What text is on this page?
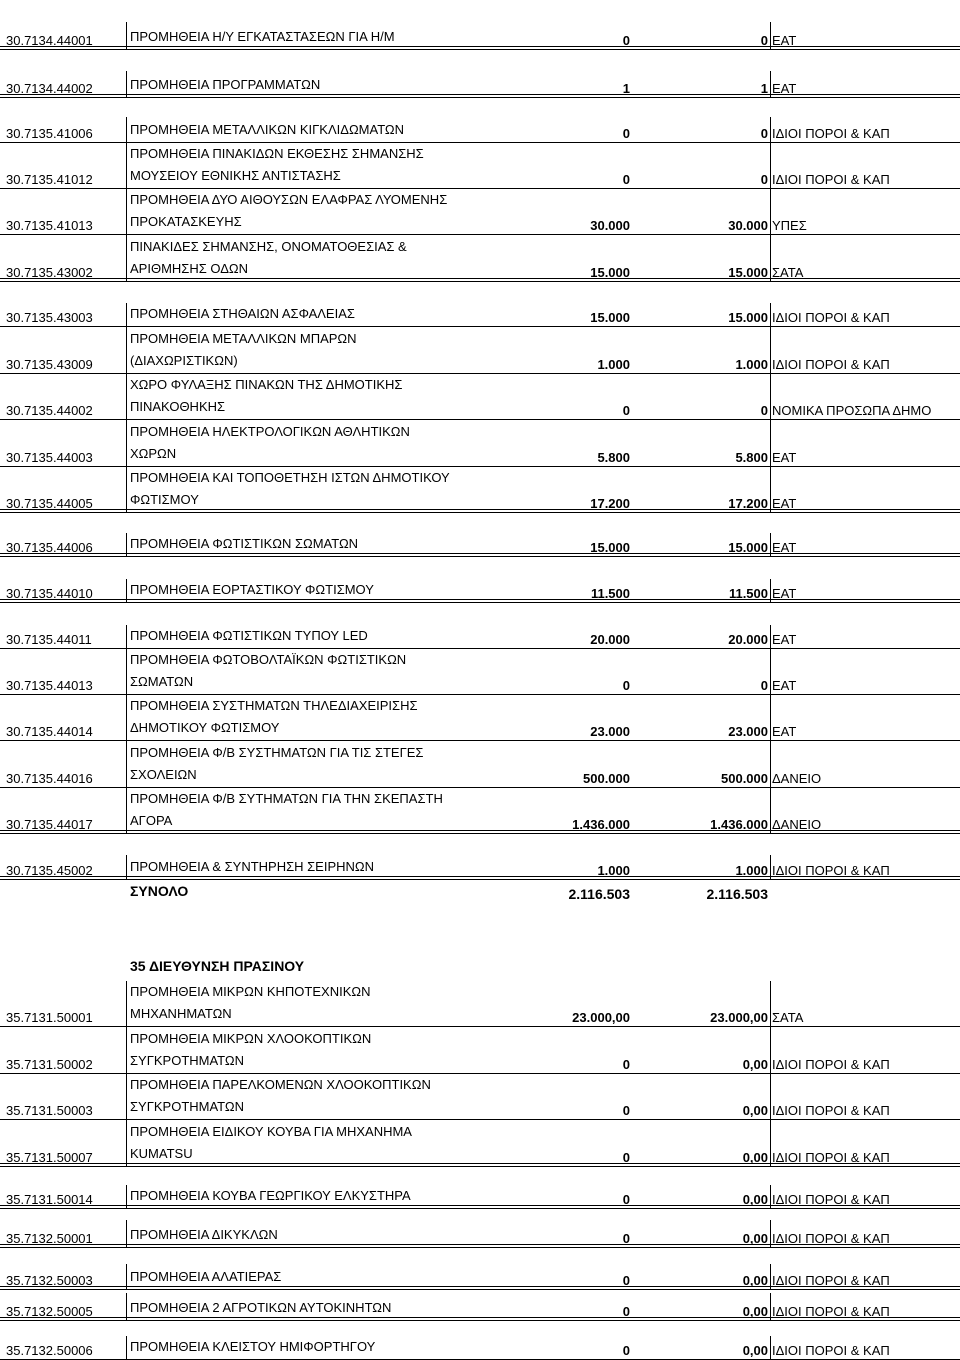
30.7134.44001	ΠΡΟΜΗΘΕΙΑ Η/Υ ΕΓΚΑΤΑΣΤΑΣΕΩΝ ΓΙΑ Η/Μ	0	0 ΕΑΤ
30.7134.44002	ΠΡΟΜΗΘΕΙΑ ΠΡΟΓΡΑΜΜΑΤΩΝ	1	1 ΕΑΤ
30.7135.41006	ΠΡΟΜΗΘΕΙΑ ΜΕΤΑΛΛΙΚΩΝ ΚΙΓΚΛΙΔΩΜΑΤΩΝ	0	0 ΙΔΙΟΙ ΠΟΡΟΙ & ΚΑΠ
30.7135.41012
ΠΡΟΜΗΘΕΙΑ ΠΙΝΑΚΙΔΩΝ ΕΚΘΕΣΗΣ ΣΗΜΑΝΣΗΣ
ΜΟΥΣΕΙΟΥ ΕΘΝΙΚΗΣ ΑΝΤΙΣΤΑΣΗΣ	0	0 ΙΔΙΟΙ ΠΟΡΟΙ & ΚΑΠ
30.7135.41013
ΠΡΟΜΗΘΕΙΑ ΔΥΟ ΑΙΘΟΥΣΩΝ ΕΛΑΦΡΑΣ ΛΥΟΜΕΝΗΣ
ΠΡΟΚΑΤΑΣΚΕΥΗΣ	30.000	30.000 ΥΠΕΣ
30.7135.43002
ΠΙΝΑΚΙΔΕΣ ΣΗΜΑΝΣΗΣ, ΟΝΟΜΑΤΟΘΕΣΙΑΣ &
ΑΡΙΘΜΗΣΗΣ ΟΔΩΝ	15.000	15.000 ΣΑΤΑ
30.7135.43003	ΠΡΟΜΗΘΕΙΑ ΣΤΗΘΑΙΩΝ ΑΣΦΑΛΕΙΑΣ	15.000	15.000 ΙΔΙΟΙ ΠΟΡΟΙ & ΚΑΠ
30.7135.43009
ΠΡΟΜΗΘΕΙΑ ΜΕΤΑΛΛΙΚΩΝ ΜΠΑΡΩΝ
(ΔΙΑΧΩΡΙΣΤΙΚΩΝ)	1.000	1.000 ΙΔΙΟΙ ΠΟΡΟΙ & ΚΑΠ
30.7135.44002
ΧΩΡΟ ΦΥΛΑΞΗΣ ΠΙΝΑΚΩΝ ΤΗΣ ΔΗΜΟΤΙΚΗΣ
ΠΙΝΑΚΟΘΗΚΗΣ	0	0 ΝΟΜΙΚΑ ΠΡΟΣΩΠΑ ΔΗΜΟ
30.7135.44003
ΠΡΟΜΗΘΕΙΑ ΗΛΕΚΤΡΟΛΟΓΙΚΩΝ ΑΘΛΗΤΙΚΩΝ
ΧΩΡΩΝ	5.800	5.800 ΕΑΤ
30.7135.44005
ΠΡΟΜΗΘΕΙΑ ΚΑΙ ΤΟΠΟΘΕΤΗΣΗ ΙΣΤΩΝ ΔΗΜΟΤΙΚΟΥ
ΦΩΤΙΣΜΟΥ	17.200	17.200 ΕΑΤ
30.7135.44006	ΠΡΟΜΗΘΕΙΑ ΦΩΤΙΣΤΙΚΩΝ ΣΩΜΑΤΩΝ	15.000	15.000 ΕΑΤ
30.7135.44010	ΠΡΟΜΗΘΕΙΑ ΕΟΡΤΑΣΤΙΚΟΥ ΦΩΤΙΣΜΟΥ	11.500	11.500 ΕΑΤ
30.7135.44011	ΠΡΟΜΗΘΕΙΑ ΦΩΤΙΣΤΙΚΩΝ ΤΥΠΟΥ LED	20.000	20.000 ΕΑΤ
30.7135.44013
ΠΡΟΜΗΘΕΙΑ ΦΩΤΟΒΟΛΤΑΪΚΩΝ ΦΩΤΙΣΤΙΚΩΝ
ΣΩΜΑΤΩΝ	0	0 ΕΑΤ
30.7135.44014
ΠΡΟΜΗΘΕΙΑ ΣΥΣΤΗΜΑΤΩΝ ΤΗΛΕΔΙΑΧΕΙΡΙΣΗΣ
ΔΗΜΟΤΙΚΟΥ ΦΩΤΙΣΜΟΥ	23.000	23.000 ΕΑΤ
30.7135.44016
ΠΡΟΜΗΘΕΙΑ Φ/Β ΣΥΣΤΗΜΑΤΩΝ ΓΙΑ ΤΙΣ ΣΤΕΓΕΣ
ΣΧΟΛΕΙΩΝ	500.000	500.000 ΔΑΝΕΙΟ
30.7135.44017
ΠΡΟΜΗΘΕΙΑ Φ/Β ΣΥΤΗΜΑΤΩΝ ΓΙΑ ΤΗΝ ΣΚΕΠΑΣΤΗ
ΑΓΟΡΑ	1.436.000	1.436.000 ΔΑΝΕΙΟ
30.7135.45002	ΠΡΟΜΗΘΕΙΑ & ΣΥΝΤΗΡΗΣΗ ΣΕΙΡΗΝΩΝ	1.000	1.000 ΙΔΙΟΙ ΠΟΡΟΙ & ΚΑΠ
ΣΥΝΟΛΟ	2.116.503	2.116.503
35 ΔΙΕΥΘΥΝΣΗ ΠΡΑΣΙΝΟΥ
35.7131.50001
ΠΡΟΜΗΘΕΙΑ ΜΙΚΡΩΝ ΚΗΠΟΤΕΧΝΙΚΩΝ
ΜΗΧΑΝΗΜΑΤΩΝ	23.000,00	23.000,00 ΣΑΤΑ
35.7131.50002
ΠΡΟΜΗΘΕΙΑ ΜΙΚΡΩΝ ΧΛΟΟΚΟΠΤΙΚΩΝ
ΣΥΓΚΡΟΤΗΜΑΤΩΝ	0	0,00 ΙΔΙΟΙ ΠΟΡΟΙ & ΚΑΠ
35.7131.50003
ΠΡΟΜΗΘΕΙΑ ΠΑΡΕΛΚΟΜΕΝΩΝ ΧΛΟΟΚΟΠΤΙΚΩΝ
ΣΥΓΚΡΟΤΗΜΑΤΩΝ	0	0,00 ΙΔΙΟΙ ΠΟΡΟΙ & ΚΑΠ
35.7131.50007
ΠΡΟΜΗΘΕΙΑ ΕΙΔΙΚΟΥ ΚΟΥΒΑ ΓΙΑ ΜΗΧΑΝΗΜΑ
KUMATSU	0	0,00 ΙΔΙΟΙ ΠΟΡΟΙ & ΚΑΠ
35.7131.50014	ΠΡΟΜΗΘΕΙΑ ΚΟΥΒΑ ΓΕΩΡΓΙΚΟΥ ΕΛΚΥΣΤΗΡΑ	0	0,00 ΙΔΙΟΙ ΠΟΡΟΙ & ΚΑΠ
35.7132.50001	ΠΡΟΜΗΘΕΙΑ ΔΙΚΥΚΛΩΝ	0	0,00 ΙΔΙΟΙ ΠΟΡΟΙ & ΚΑΠ
35.7132.50003	ΠΡΟΜΗΘΕΙΑ ΑΛΑΤΙΕΡΑΣ	0	0,00 ΙΔΙΟΙ ΠΟΡΟΙ & ΚΑΠ
35.7132.50005	ΠΡΟΜΗΘΕΙΑ 2 ΑΓΡΟΤΙΚΩΝ ΑΥΤΟΚΙΝΗΤΩΝ	0	0,00 ΙΔΙΟΙ ΠΟΡΟΙ & ΚΑΠ
35.7132.50006	ΠΡΟΜΗΘΕΙΑ ΚΛΕΙΣΤΟΥ ΗΜΙΦΟΡΤΗΓΟΥ	0	0,00 ΙΔΙΟΙ ΠΟΡΟΙ & ΚΑΠ
